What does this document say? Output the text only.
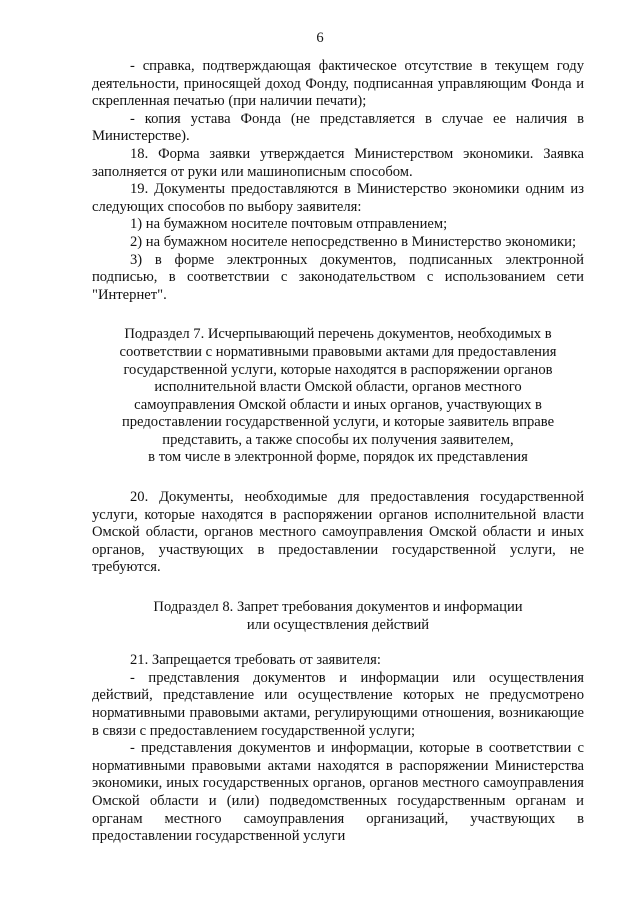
6

- справка, подтверждающая фактическое отсутствие в текущем году деятельности, приносящей доход Фонду, подписанная управляющим Фонда и скрепленная печатью (при наличии печати);

- копия устава Фонда (не представляется в случае ее наличия в Министерстве).

18. Форма заявки утверждается Министерством экономики. Заявка заполняется от руки или машинописным способом.

19. Документы предоставляются в Министерство экономики одним из следующих способов по выбору заявителя:

1) на бумажном носителе почтовым отправлением;

2) на бумажном носителе непосредственно в Министерство экономики;

3) в форме электронных документов, подписанных электронной подписью, в соответствии с законодательством с использованием сети "Интернет".

Подраздел 7. Исчерпывающий перечень документов, необходимых в
соответствии с нормативными правовыми актами для предоставления
государственной услуги, которые находятся в распоряжении органов
исполнительной власти Омской области, органов местного
самоуправления Омской области и иных органов, участвующих в
предоставлении государственной услуги, и которые заявитель вправе
представить, а также способы их получения заявителем,
в том числе в электронной форме, порядок их представления

20. Документы, необходимые для предоставления государственной услуги, которые находятся в распоряжении органов исполнительной власти Омской области, органов местного самоуправления Омской области и иных органов, участвующих в предоставлении государственной услуги, не требуются.

Подраздел 8. Запрет требования документов и информации
или осуществления действий

21. Запрещается требовать от заявителя:

- представления документов и информации или осуществления действий, представление или осуществление которых не предусмотрено нормативными правовыми актами, регулирующими отношения, возникающие в связи с предоставлением государственной услуги;

- представления документов и информации, которые в соответствии с нормативными правовыми актами находятся в распоряжении Министерства экономики, иных государственных органов, органов местного самоуправления Омской области и (или) подведомственных государственным органам и органам местного самоуправления организаций, участвующих в предоставлении государственной услуги
